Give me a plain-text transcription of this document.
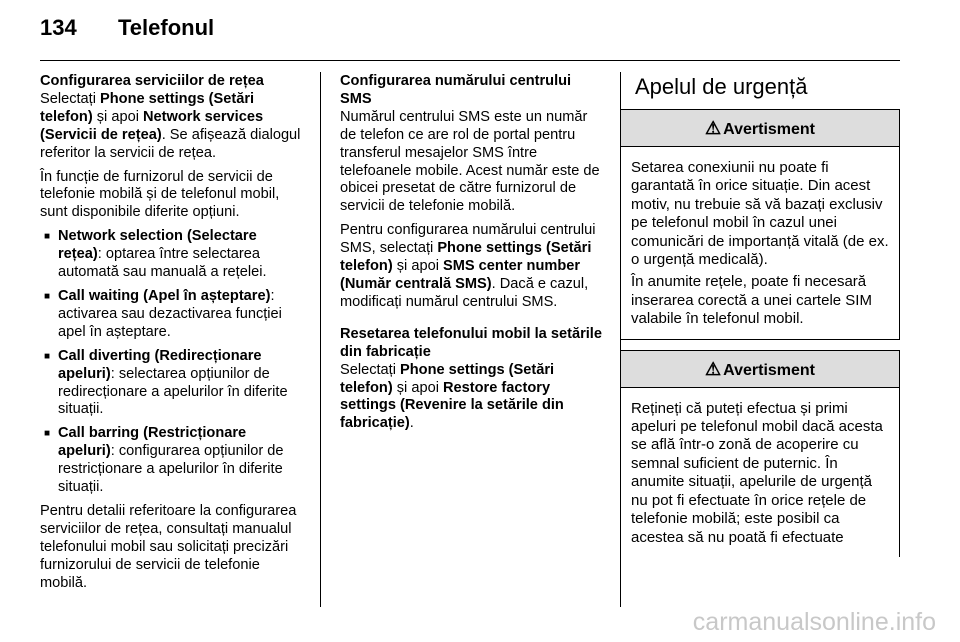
134 Telefonul
Configurarea serviciilor de rețea

Selectați Phone settings (Setări telefon) și apoi Network services (Servicii de rețea). Se afișează dialogul referitor la servicii de rețea.

În funcție de furnizorul de servicii de telefonie mobilă și de telefonul mobil, sunt disponibile diferite opțiuni.

■ Network selection (Selectare rețea): optarea între selectarea automată sau manuală a rețelei.
■ Call waiting (Apel în așteptare): activarea sau dezactivarea funcției apel în așteptare.
■ Call diverting (Redirecționare apeluri): selectarea opțiunilor de redirecționare a apelurilor în diferite situații.
■ Call barring (Restricționare apeluri): configurarea opțiunilor de restricționare a apelurilor în diferite situații.

Pentru detalii referitoare la configurarea serviciilor de rețea, consultați manualul telefonului mobil sau solicitați precizări furnizorului de servicii de telefonie mobilă.

Configurarea numărului centrului SMS

Numărul centrului SMS este un număr de telefon ce are rol de portal pentru transferul mesajelor SMS între telefoanele mobile. Acest număr este de obicei presetat de către furnizorul de servicii de telefonie mobilă.

Pentru configurarea numărului centrului SMS, selectați Phone settings (Setări telefon) și apoi SMS center number (Număr centrală SMS). Dacă e cazul, modificați numărul centrului SMS.

Resetarea telefonului mobil la setările din fabricație

Selectați Phone settings (Setări telefon) și apoi Restore factory settings (Revenire la setările din fabricație).

Apelul de urgență
⚠ Avertisment

Setarea conexiunii nu poate fi garantată în orice situație. Din acest motiv, nu trebuie să vă bazați exclusiv pe telefonul mobil în cazul unei comunicări de importanță vitală (de ex. o urgență medicală).

În anumite rețele, poate fi necesară inserarea corectă a unei cartele SIM valabile în telefonul mobil.

⚠ Avertisment

Rețineți că puteți efectua și primi apeluri pe telefonul mobil dacă acesta se află într-o zonă de acoperire cu semnal suficient de puternic. În anumite situații, apelurile de urgență nu pot fi efectuate în orice rețele de telefonie mobilă; este posibil ca acestea să nu poată fi efectuate

carmanualsonline.info
